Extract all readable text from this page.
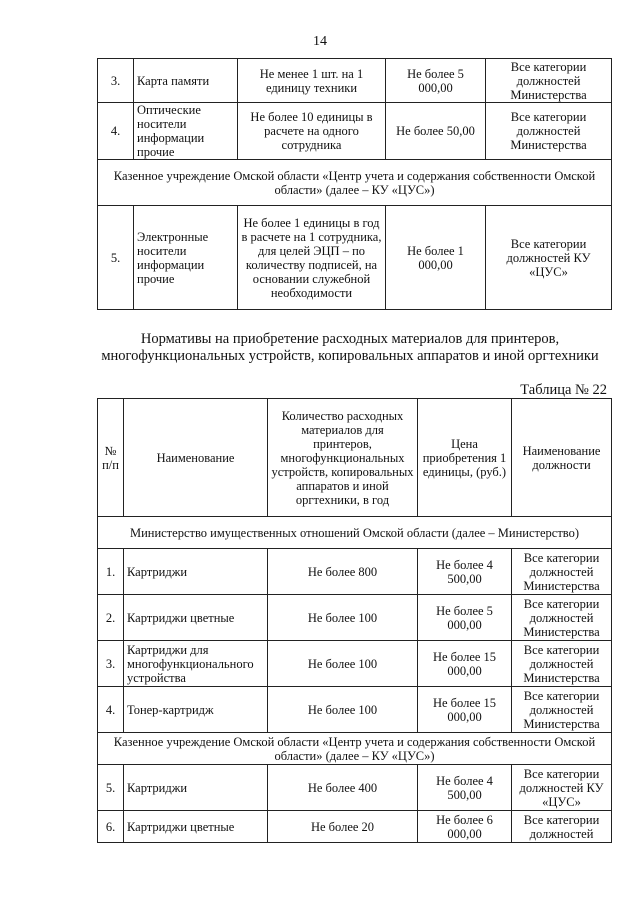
14
3.	Карта памяти	Не менее 1 шт. на 1 единицу техники	Не более 5 000,00	Все категории должностей Министерства
4.	Оптические носители информации прочие	Не более 10 единицы в расчете на одного сотрудника	Не более 50,00	Все категории должностей Министерства
Казенное учреждение Омской области «Центр учета и содержания собственности Омской области» (далее – КУ «ЦУС»)				
5.	Электронные носители информации прочие	Не более 1 единицы в год в расчете на 1 сотрудника, для целей ЭЦП – по количеству подписей, на основании служебной необходимости	Не более 1 000,00	Все категории должностей КУ «ЦУС»
Нормативы на приобретение расходных материалов для принтеров, многофункциональных устройств, копировальных аппаратов и иной оргтехники
Таблица № 22
№ п/п	Наименование	Количество расходных материалов для принтеров, многофункциональных устройств, копировальных аппаратов и иной оргтехники, в год	Цена приобретения 1 единицы, (руб.)	Наименование должности
Министерство имущественных отношений Омской области (далее – Министерство)				
1.	Картриджи	Не более 800	Не более 4 500,00	Все категории должностей Министерства
2.	Картриджи цветные	Не более 100	Не более 5 000,00	Все категории должностей Министерства
3.	Картриджи для многофункционального устройства	Не более 100	Не более 15 000,00	Все категории должностей Министерства
4.	Тонер-картридж	Не более 100	Не более 15 000,00	Все категории должностей Министерства
Казенное учреждение Омской области «Центр учета и содержания собственности Омской области» (далее – КУ «ЦУС»)				
5.	Картриджи	Не более 400	Не более 4 500,00	Все категории должностей КУ «ЦУС»
6.	Картриджи цветные	Не более 20	Не более 6 000,00	Все категории должностей
